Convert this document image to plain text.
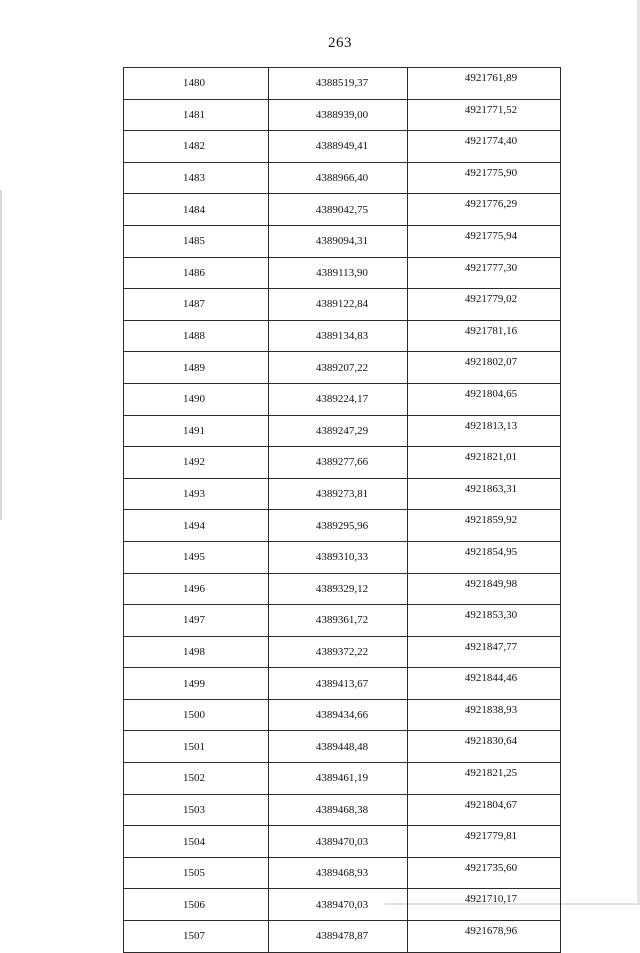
263
1480	4388519,37	4921761,89
1481	4388939,00	4921771,52
1482	4388949,41	4921774,40
1483	4388966,40	4921775,90
1484	4389042,75	4921776,29
1485	4389094,31	4921775,94
1486	4389113,90	4921777,30
1487	4389122,84	4921779,02
1488	4389134,83	4921781,16
1489	4389207,22	4921802,07
1490	4389224,17	4921804,65
1491	4389247,29	4921813,13
1492	4389277,66	4921821,01
1493	4389273,81	4921863,31
1494	4389295,96	4921859,92
1495	4389310,33	4921854,95
1496	4389329,12	4921849,98
1497	4389361,72	4921853,30
1498	4389372,22	4921847,77
1499	4389413,67	4921844,46
1500	4389434,66	4921838,93
1501	4389448,48	4921830,64
1502	4389461,19	4921821,25
1503	4389468,38	4921804,67
1504	4389470,03	4921779,81
1505	4389468,93	4921735,60
1506	4389470,03	4921710,17
1507	4389478,87	4921678,96
